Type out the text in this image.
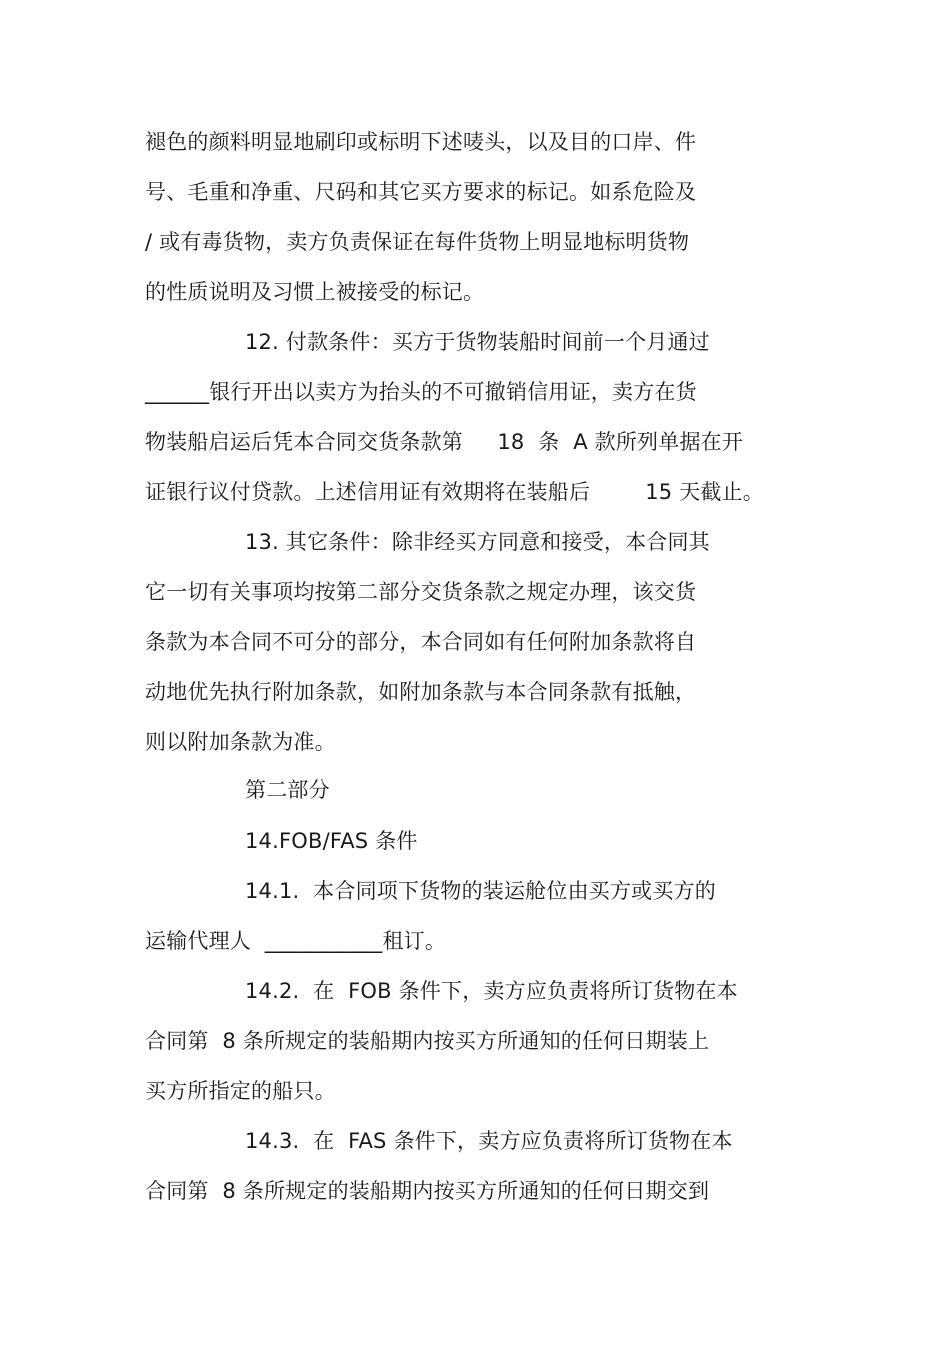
褪色的颜料明显地刷印或标明下述唛头，以及目的口岸、件
号、毛重和净重、尺码和其它买方要求的标记。如系危险及
/ 或有毒货物，卖方负责保证在每件货物上明显地标明货物
的性质说明及习惯上被接受的标记。
12. 付款条件：买方于货物装船时间前一个月通过
______银行开出以卖方为抬头的不可撤销信用证，卖方在货
物装船启运后凭本合同交货条款第     18  条  A 款所列单据在开
证银行议付贷款。上述信用证有效期将在装船后        15 天截止。
13. 其它条件：除非经买方同意和接受，本合同其
它一切有关事项均按第二部分交货条款之规定办理，该交货
条款为本合同不可分的部分，本合同如有任何附加条款将自
动地优先执行附加条款，如附加条款与本合同条款有抵触，
则以附加条款为准。
第二部分
14.FOB/FAS 条件
14.1.  本合同项下货物的装运舱位由买方或买方的
运输代理人  ___________租订。
14.2.  在  FOB 条件下，卖方应负责将所订货物在本
合同第  8 条所规定的装船期内按买方所通知的任何日期装上
买方所指定的船只。
14.3.  在  FAS 条件下，卖方应负责将所订货物在本
合同第  8 条所规定的装船期内按买方所通知的任何日期交到
